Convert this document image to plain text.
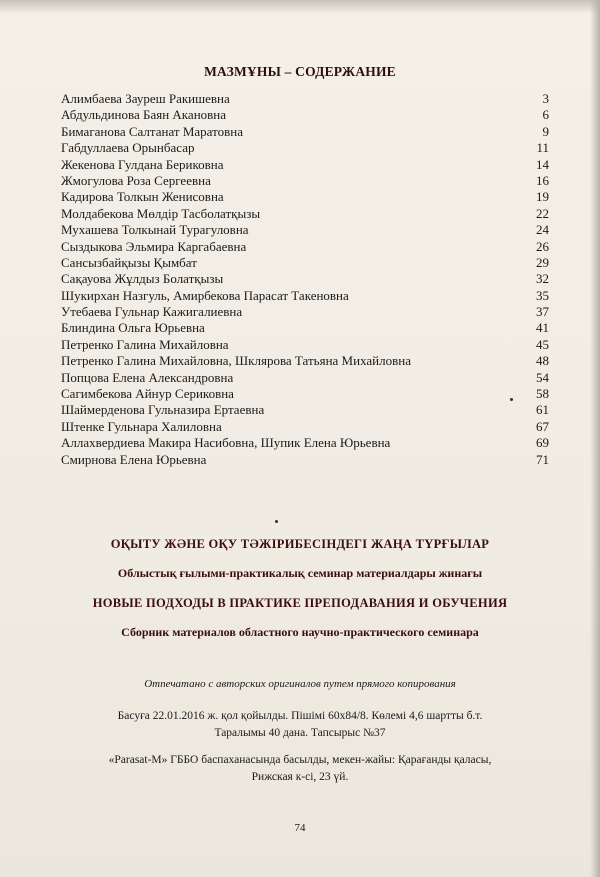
МАЗМҰНЫ – СОДЕРЖАНИЕ
Алимбаева Зауреш Ракишевна	3
Абдульдинова Баян Акановна	6
Бимаганова Салтанат Маратовна	9
Габдуллаева Орынбасар	11
Жекенова Гулдана Бериковна	14
Жмогулова Роза Сергеевна	16
Кадирова Толкын Женисовна	19
Молдабекова Мөлдір Тасболатқызы	22
Мухашева Толкынай Турагуловна	24
Сыздыкова Эльмира Каргабаевна	26
Сансызбайқызы Қымбат	29
Сақауова Жұлдыз Болатқызы	32
Шукирхан Назгуль, Амирбекова Парасат Такеновна	35
Утебаева Гульнар Кажигалиевна	37
Блиндина Ольга Юрьевна	41
Петренко Галина Михайловна	45
Петренко Галина Михайловна, Шклярова Татьяна Михайловна	48
Попцова Елена Александровна	54
Сагимбекова Айнур Сериковна	58
Шаймерденова Гульназира Ертаевна	61
Штенке Гульнара Халиловна	67
Аллахвердиева Макира Насибовна, Шупик Елена Юрьевна	69
Смирнова Елена Юрьевна	71
ОҚЫТУ ЖӘНЕ ОҚУ ТӘЖІРИБЕСІНДЕГІ ЖАҢА ТҮРҒЫЛАР
Облыстық ғылыми-практикалық семинар материалдары жинағы
НОВЫЕ ПОДХОДЫ В ПРАКТИКЕ ПРЕПОДАВАНИЯ И ОБУЧЕНИЯ
Сборник материалов областного научно-практического семинара
Отпечатано с авторских оригиналов путем прямого копирования
Басуға 22.01.2016 ж. қол қойылды. Пішімі 60х84/8. Көлемі 4,6 шартты б.т.
Таралымы 40 дана. Тапсырыс №37
«Parasat-M» ГББО баспаханасында басылды, мекен-жайы: Қарағанды қаласы,
Рижская к-сі, 23 үй.
74
